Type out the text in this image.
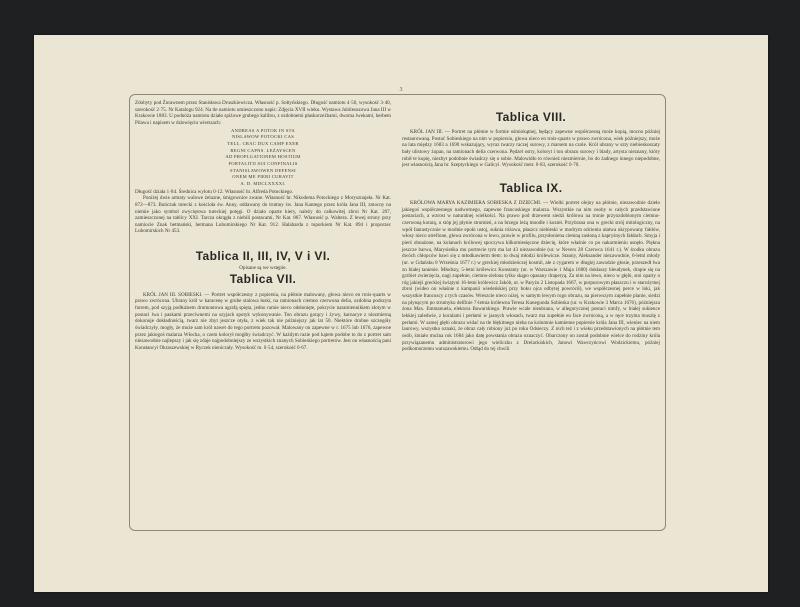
3

Zdobyty pod Żurawnem przez Stanisława Druszkiewicza. Własność p. Sołtyńskiego. Długość namiotu 4·50, wysokość 3·40, szerokość 2·75. Nr Katalogu 924. Na tle namiotu umieszczono napis: Zdjęcia XVII wieku. Wystawa Jubileuszowa Jana III w Krakowie 1883. U podnóża namiotu działo spiżowe grubego kalibru, z ozdobnemi płaskorzeźbami, dwoma lwekami, herbem Pilawa i napisem w dziewięciu wierszach:

ANDREAS A POTOK IN STA
NISLAWOW POTOCKI CAS
TELL. CRAC DUX CAMP EXER
REGNI CAPNS. LEŻAYSCEN
AD PROPLGATIONEM HOSTIUM
FORTALITII SUI CONFINALIS
STANISLAWOWEN DEFENSI
ONEM ME FIERI CURAVIT
A. D. MDCLXXXXI.

Długość działa 1·84. Średnica wylotu 0·12. Własność hr. Alfreda Potockiego.

Poniżej dwie armaty walowe żelazne, śmigownice zwane. Własność hr. Nikodema Potockiego z Morysznajeła. Nr Kat. 872—873. Buńczuk turecki z kościoła św. Anny, oddawany do trumny św. Jana Kantego przez króla Jana III, zmocny na niemie jako symbol zwycięstwa tureckiej potęgi. O działo oparte kiery, należy do całkowitej zbroi Nr Kat. 207, zamieszczonej na tablicy XXI. Tarcza okrągła z niebili postacami, Nr Kat. 867. Własność p. Waltera. Z lewej strony przy namiocie Znak hetmański, hetmana Lubomirskiego Nr Kat. 912. Halabarda z toporkiem Nr Kat. 894 i proporzec Lubomirskich Nr 453.

Tablica II, III, IV, V i VI.

Opisane są we wstępie.

Tablica VII.

KRÓL JAN III. SOBIESKI. — Portret współczesny z popiersia, na płótnie malowany, głowa nieco en trois-quarts w prawo zwrócona. Ubrany król w karacenę w grube stalowa łuski, na ramionach ciemno czerwona delia, ozdobna podszyta futrem, pod szyją podłużnem drumontowa agrafą spięta, jedno ramie nieco odsłonięte, pokrycie naramiennikiem złotym w postaci lwa i paskami przeciwnemi na szyjach spotyk wykonywanie. Ton obrazu gorący i żywy, karnacye z niezmierną dokonuje dokładnością, twarz nie zbyt jeszcze otyła, z wiek tak nie późniejszy jak lat 50. Niektóre drobne szczegóły świadczyły, mogły, że może sam król nawet do tego portretu pozował. Malowany on zapewne w r. 1675 lub 1676, zapewne przez jakiegoś malarza Włocha, o czem kolorył mogłby świadczyć. W każdym razie pod kątem podobe to do z portret sam niezawodnie najlepszy i jak się zdaje najpodobniejszy ze wszystkich znanych Sobieskiego portretów. Jest on własnością pani Konstancyi Okraszewskiej w Ryczek nieniczały. Wysokość m. 0·54, szerokość 0·67.

Tablica VIII.

KRÓL JAN III. — Portret na płótnie w formie ośmiokątnej, będący zapewne współczesną może kopią, mocno później restaurowaną. Postać Sobieskiego na nim w popiersiu, głowa nieco en trois-quarts w prawo zwrócona, wiek późniejszy, może na lata między 1683 a 1690 wskazujący, wyraz twarzy raczej surowy, z marsem na czole. Król ubrany w szty niebieskoszaty bały ulistowy żupan, na ramionach delia czerwona. Pędzel ostry, koloryt i ton obrazu surowy i blady, artysta nieznany, który robił te kopię, niezbyt podobnie świadczy się o sobie. Malowidło to również niezmiernie, bo do żadnego innego niepodobne, jest własnością Jana hr. Szeptyckiego w Galicyi. Wysokość metr. 0·83, szerokość 0·70.

Tablica IX.

KRÓLOWA MARYA KAZIMIERA SOBIESKA Z DZIECMI. — Wielki portret olejny na płótnie, niezawodnie dzieło jakiegoś współczesnego nadwornego, zapewne francuskiego malarza. Wszystkie na nim osoby w całych przedstawione postaciach, a wzrost w naturalnej wielkości. Na prawo pod drzewem siedzi królowa na tronie przyozdobionym ciemno-czerwoną kotarą, u stóp jej płynie strumień, a na brzegu leżą mnodle i kozieł. Przybrana ona w grecki strój mitologiczny, na wpół fantastycznie w modnie epoki ustoj, suknia różowa, płaszcz niebieski w modrym odcieniu ułatwa ukrypowany fałdów, włosy nieco utrefione, głowa zwrócona w lewo, prawie w profilu, przysłoniena ciemną zasłoną z kapryśnych fałdach. Smyja i pierś obnażone, na kolanach królowej spoczywa kilkomiesięczne dziecię, które właśnie co po nakarmieniu usnęło. Piękna jeszcze barwa, Marysieńka mu portrecie tym ma lat 43 niezawodnie (ur. w Nevers 28 Czerwca 1641 r.). W środku obrazu dwóch chłopców bawi się z młodkawierm tłem: to dwaj młodzi królewicze. Stanny, Aleksander niezawodnie, 6-letni młody (ur. w Gdańsku 8 Września 1677 r.) w greckiej młodzieńczej kosmii, ale z cygarem w długiej zawodzie głosie, przeszedł lwa zn białej tanienie. Młodszy, 5-letni królewicz Konstanty (ur. w Warszawie 1 Maja 1680) dokłaszy bleudynek, drapie się na grzbiet zwierzęcia, nagi zupełnie, ciemno-zielona tylko skąpo opasany draperyą. Za nim na lewo, nieco w głębi, stoi oparty o róg jakiejś greckiej świątyni 16-letni królewicz Jakób, ur. w Paryżu 2 Listopada 1667, w purpurowym płaszczu i w starożytnej zbroi (wideo on właśnie z kampanii wiedeńskiej przy boku ojca odbytej powrócił), we współczesnej perce w loki, jak wszystkie francuscy z tych czasów. Wreszcie nieco niżej, w samym lewym rogu obrazu, na pierwszym zupełnie planie, siedzi na płynącym po strumyku delfinie 7-letnia królewna Teresa Kunegunda Sobieska (ur. w Krakowie 3 Marca 1676), późniejsza żona Max. Emmanuela, elektora Bawarskiego. Prawie wcale nieubrana, w allegorycznej postaci nimfy, w białej sukience lekkiej zaledwie, z koralami i perłami w jasnych włosach, twarz ma zupełnie en face zwróconą, a w ręce trzyma muszlę z perłami. W samej głębi obrazu widać na tle błękitnego nieba na kolumnie kamienne popiersie króla Jana III, wieniec na niem laurowy, wszystko oznaki, że obraz cały robiony już po roku Odsieczy. Z nich też i z wieku przedstawionych na płótnie tem osób, śmiało można rok 1684 jako datę powstania obrazu oznaczyć. Obarczony on został podobnie wielce do rodziny króla przywiązanemu administratorowi jego wieliczku z Drelackiskich, Janowi Wawrzyńcowi Wodzickiemu, później podkomorzemu warszawskiemu. Odtąd do tej chwili
